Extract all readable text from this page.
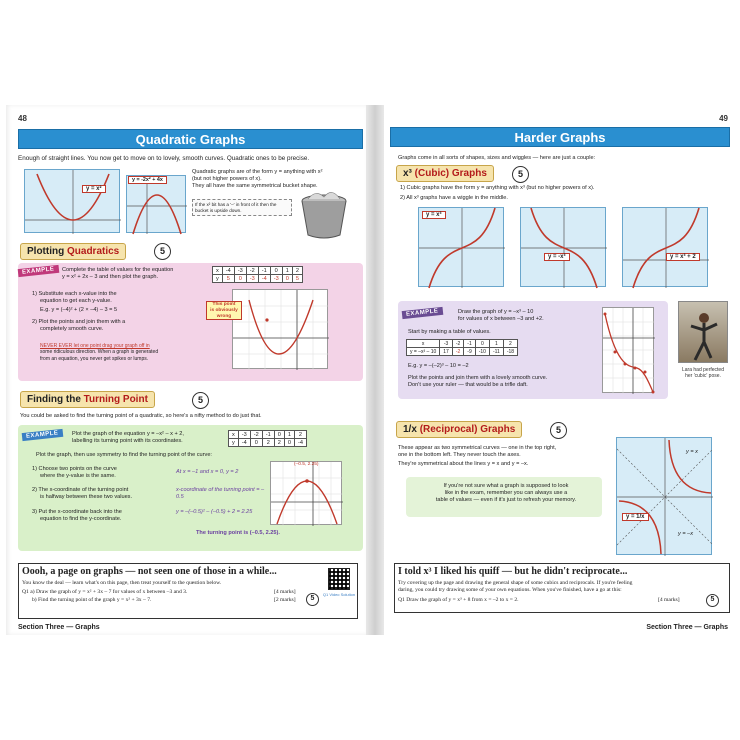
48
Quadratic Graphs
Enough of straight lines. You now get to move on to lovely, smooth curves. Quadratic ones to be precise.
y = x²
y = -2x² + 4x
Quadratic graphs are of the form y = anything with x²
(but not higher powers of x).
They all have the same symmetrical bucket shape.
If the x² bit has a '–' in front of it then the bucket is upside down.
Plotting Quadratics	5
EXAMPLE	Complete the table of values for the equation
y = x² + 2x – 3 and then plot the graph.
x	-4	-3	-2	-1	0	1	2
y	5	0	-3	-4	-3	0	5
1) Substitute each x-value into the
equation to get each y-value.
E.g. y = (–4)² + (2 × –4) – 3 = 5
2) Plot the points and join them with a
completely smooth curve.
NEVER EVER let one point drag your graph off in
some ridiculous direction. When a graph is generated
from an equation, you never get spikes or lumps.
This point is obviously wrong
Finding the Turning Point	5
You could be asked to find the turning point of a quadratic, so here's a nifty method to do just that.
EXAMPLE	Plot the graph of the equation y = –x² – x + 2,
labelling its turning point with its coordinates.
x	-3	-2	-1	0	1	2
y	-4	0	2	2	0	-4
Plot the graph, then use symmetry to find the turning point of the curve:
1) Choose two points on the curve
where the y-value is the same.
At x = –1 and x = 0, y = 2
2) The x-coordinate of the turning point
is halfway between these two values.
x-coordinate of the turning point = –0.5
3) Put the x-coordinate back into the
equation to find the y-coordinate.
y = –(–0.5)² – (–0.5) + 2 = 2.25
The turning point is (–0.5, 2.25).
(–0.5, 2.25)
Oooh, a page on graphs — not seen one of those in a while...
You know the deal — learn what's on this page, then treat yourself to the question below.
Q1 a) Draw the graph of y = x² + 3x – 7 for values of x between –3 and 3.	[4 marks]
b) Find the turning point of the graph y = x² + 3x – 7.	[2 marks]	5
Q1 Video Solution
Section Three — Graphs
49
Harder Graphs
Graphs come in all sorts of shapes, sizes and wiggles — here are just a couple:
x³ (Cubic) Graphs	5
1) Cubic graphs have the form y = anything with x³ (but no higher powers of x).
2) All x³ graphs have a wiggle in the middle.
y = x³
y = -x³	y = x³ + 2
EXAMPLE	Draw the graph of y = –x³ – 10
for values of x between –3 and +2.
Start by making a table of values.
x	-3	-2	-1	0	1	2
y = –x³ – 10	17	-2	-9	-10	-11	-18
E.g. y = –(–2)³ – 10 = –2
Plot the points and join them with a lovely smooth curve.
Don't use your ruler — that would be a trifle daft.
Lara had perfected her 'cubic' pose.
1/x (Reciprocal) Graphs	5
These appear as two symmetrical curves — one in the top right,
one in the bottom left. They never touch the axes.
They're symmetrical about the lines y = x and y = –x.
If you're not sure what a graph is supposed to look
like in the exam, remember you can always use a
table of values — even if it's just to refresh your memory.
y = x
y = –x
y = 1/x
I told x³ I liked his quiff — but he didn't reciprocate...
Try covering up the page and drawing the general shape of some cubics and reciprocals. If you're feeling
daring, you could try drawing some of your own equations. When you've finished, have a go at this:
Q1 Draw the graph of y = x³ + 8 from x = –2 to x = 2.	[4 marks]	5
Section Three — Graphs
